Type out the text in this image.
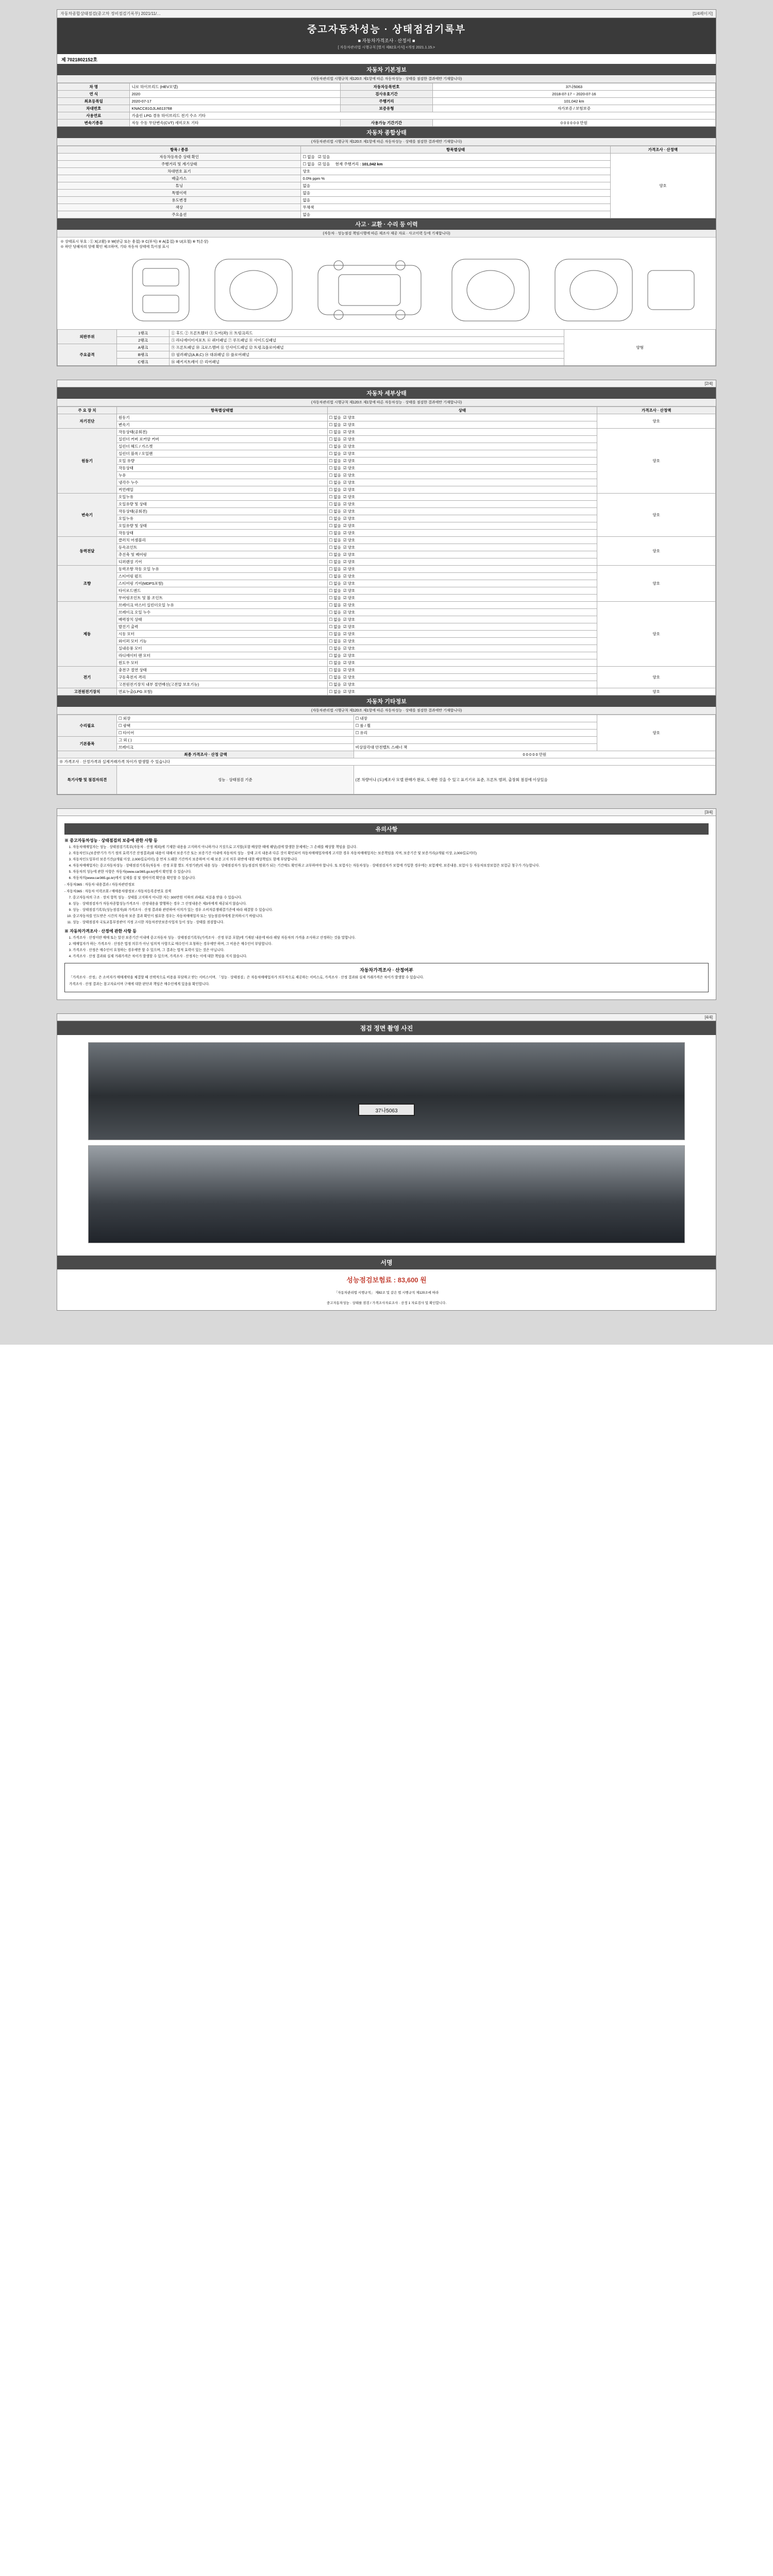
자동차종합상태점검(중고차 정비점검기록부) 2021/11/…	[1/4페이지]
중고자동차성능 · 상태점검기록부
■ 자동차가격조사 · 산정서 ■
[ 자동차관리법 시행규칙 [별지 제82호서식] <개정 2021.1.15.>
제 7021802152호
자동차 기본정보
(자동차관리법 시행규칙 제120조 제1항에 따른 자동차성능 · 상태를 점검한 결과에만 기재합니다)
차 명	니로 하이브리드 (HEV모델)	자동차등록번호	37나5063
연 식	2020	검사유효기간	2018-07-17 ~ 2020-07-16
최초등록일	2020-07-17	주행거리	101,042 km
차대번호	KNACC81GJLA613768	보증유형	자가보증 / 보험보증
사용연료	가솔린 LPG 경유 하이브리드 전기 수소 기타		
변속기종류	자동 수동 무단변속(CVT) 세미오토 기타	사용가능 기간기간	0 0 0 0 0 0 만원
자동차 종합상태
(자동차관리법 시행규칙 제120조 제1항에 따른 자동차성능 · 상태를 점검한 결과에만 기재합니다)
항목 / 종류	항목별상태	가격조사 · 산정액
자동차등록증 상태 확인	☐ 없음 ☑ 있음	양호
주행거리 및 계기상태	☐ 없음 ☑ 있음 현재 주행거리 : 101,042 km
차대번호 표기	양호	
배출가스	0.0% ppm %	
튜닝	없음	
특별이력	없음	
용도변경	없음	
색상	무채색	
주요옵션	없음	
사고 · 교환 · 수리 등 이력
(자동차 · 성능점검 책임시행에 따른 제조사 제공 자료 · 사고이력 등에 기재합니다)
※ 상태표시 부호 : ① X(교환) ② W(판금 또는 용접) ③ C(부식) ④ A(흠집) ⑤ U(요철) ⑥ T(손상)
※ 하단 당해차의 상태 확인 체크하며, 기타 자동차 상태에 특이점 표시
외판부위	1랭크	① 후드 ② 프론트휀더 ③ 도어(좌) ④ 트렁크리드	양형
	2랭크	⑤ 라디에이터서포트 ⑥ 쿼터패널 ⑦ 루프패널 ⑧ 사이드실패널	
주요골격	A랭크	⑨ 프론트패널 ⑩ 크로스멤버 ⑪ 인사이드패널 ⑫ 트렁크플로어패널	
	B랭크	⑬ 필러패널(A,B,C) ⑭ 대쉬패널 ⑮ 플로어패널	
	C랭크	⑯ 패키지트레이 ⑰ 리어패널	
[2/4]
자동차 세부상태
(자동차관리법 시행규칙 제120조 제1항에 따른 자동차성능 · 상태를 점검한 결과에만 기재합니다)
주 요 장 치	항목별상태별	상태	가격조사 · 산정액
자기진단	원동기	☐ 없음 ☑ 양호	양호
	변속기	☐ 없음 ☑ 양호
원동기	작동상태(공회전)	☐ 없음 ☑ 양호	양호
	실린더 커버 로커암 커버	☐ 없음 ☑ 양호
	실린더 헤드 / 가스켓	☐ 없음 ☑ 양호
	실린더 블록 / 오일팬	☐ 없음 ☑ 양호
	오일 유량	☐ 없음 ☑ 양호
	작동상태	☐ 없음 ☑ 양호
	누유	☐ 없음 ☑ 양호
	냉각수 누수	☐ 없음 ☑ 양호
	커먼레일	☐ 없음 ☑ 양호
변속기	오일누유	☐ 없음 ☑ 양호	양호
	오일유량 및 상태	☐ 없음 ☑ 양호
	작동상태(공회전)	☐ 없음 ☑ 양호
	오일누유	☐ 없음 ☑ 양호
	오일유량 및 상태	☐ 없음 ☑ 양호
	작동상태	☐ 없음 ☑ 양호
동력전달	클러치 어셈블리	☐ 없음 ☑ 양호	양호
	등속죠인트	☐ 없음 ☑ 양호
	추진축 및 베어링	☐ 없음 ☑ 양호
	디퍼렌셜 기어	☐ 없음 ☑ 양호
조향	동력조향 작동 오일 누유	☐ 없음 ☑ 양호	양호
	스티어링 펌프	☐ 없음 ☑ 양호
	스티어링 기어(MDPS포함)	☐ 없음 ☑ 양호
	타이로드엔드	☐ 없음 ☑ 양호
	무어링조인트 및 볼 조인트	☐ 없음 ☑ 양호
제동	브레이크 마스터 실린더오일 누유	☐ 없음 ☑ 양호	양호
	브레이크 오일 누수	☐ 없음 ☑ 양호
	배력장치 상태	☐ 없음 ☑ 양호
	발진기 출력	☐ 없음 ☑ 양호
	시동 모터	☐ 없음 ☑ 양호
	와이퍼 모터 기능	☐ 없음 ☑ 양호
	실내송풍 모터	☐ 없음 ☑ 양호
	라디에이터 팬 모터	☐ 없음 ☑ 양호
	윈도우 모터	☐ 없음 ☑ 양호
전기	충전구 절연 상태	☐ 없음 ☑ 양호	양호
	구동축전지 격리	☐ 없음 ☑ 양호
	고전원전기장치 내부 절연배선(고전압 보호기능)	☐ 없음 ☑ 양호
고전원전기장치	연료누출(LPG 포함)	☐ 없음 ☑ 양호	양호
자동차 기타정보
(자동차관리법 시행규칙 제120조 제1항에 따른 자동차성능 · 상태를 점검한 결과에만 기재합니다)
수리필요	☐ 외장	☐ 내장	양호
	☐ 광택	☐ 룸 / 휠
	☐ 타이어	☐ 유리
기본품목	그 외 ( )		
	브레이크	비상삼각대 안전벨트 스패너 잭	
최종 가격조사 · 산정 금액		0 0 0 0 0 만원	
※ 가격조사 · 산정가격과 실제거래가격 차이가 발생할 수 있습니다			
특기사항 및 점검자의견	성능 · 상태점검 기준	(본 차량이나 (도)제조사 모델 판매가 완료, 도색한 것을 수 있고 표기기로 표준, 프론트 범퍼, 출장회 점검에 이상있음	
[3/4]
유의사항
※ 중고자동차성능 · 상태점검의 보증에 관한 사항 등
1. 자동차매매업자는 성능 · 상태점검기록부(자동차 · 산정 제외)에 기재한 내용을 고지하지 아니하거나 거짓으로 고지할(포함 배상한 때에 해당)검에 발생한 문제에는 그 손해를 배상할 책임을 집니다.
2. 자동차인도(보증받기가 가기 정의 효력기간 산정결과)와 내용이 대해서 보증기간 또는 보증기간 이내에 자동차의 성능 · 상태 고지 내용과 다른 것이 확인되어 자동차매매업자에게 고지한 경우 자동차매매업자는 보증책임을 지며, 보증기간 및 보증거리(2개월 이상, 2,000킬로미터)
3. 자동차인도일부터 보증기간(2개월 이상, 2,000킬로미터) 중 먼저 도래한 기간까지 보증하며 이 때 보증 고지 의무 위반에 대한 배상책임도 함께 부담합니다.
4. 자동차매매업자는 중고자동차성능 · 상태점검기록부(자동차 · 산정 포함 별도 지정기관)의 내용 성능 · 상태점검자가 성능점검의 범위가 되는 기간에도 확인하고 교부하여야 합니다. 또 보험사는 자동차성능 · 상태점검자가 보험에 가입한 경우에는 보험계약, 보증내용, 보험사 등 자동차보장보험은 보험금 청구가 가능합니다.
5. 자동차의 성능에 관한 사항은 자동차(www.car365.go.kr)에서 확인할 수 있습니다.
6. 자동차의(www.car365.go.kr)에서 실제를 검 및 정비이력 확인을 확인할 수 있습니다.

- 자동차365 : 자동차 내용결과 / 자동차관련정보

- 자동차365 : 자동차 이력조회 / 매매용차량정보 / 자동차등록증번호 검색

7. 중고자동차의 구조 · 장치 항목 성능 · 상태를 고지하지 아니한 자는 300만원 이하의 과태료 처분을 받을 수 있습니다.
8. 성능 · 상태점검자가 자동차종합성능가격조사 · 산정내용을 발행하는 경우 그 산정내용은 제3자에게 제공되지 않습니다.
9. 성능 · 상태점검기록부(성능점검자)와 가격조사 · 산정 결과와 관련하여 이의가 있는 경우 소비자분쟁해결기준에 따라 해결할 수 있습니다.
10. 중고자동차를 인도받은 시간의 자동차 보증 결과 확인이 필요한 경우는 자동차매매업자 또는 성능점검자에게 문의하시기 바랍니다.
11. 성능 · 상태점검자 국토교통부장관이 지정 고시한 자동차진단보증사업자 등이 성능 · 상태를 점검합니다.
※ 자동차가격조사 · 산정에 관한 사항 등
1. 가격조사 · 산정이란 매매 또는 알선 보증기간 이내에 중고자동차 성능 · 상태점검기록부(가격조사 · 산정 부분 포함)에 기재된 내용에 따라 해당 자동차의 가격을 조사하고 산정하는 것을 말합니다.
2. 매매업자가 하는 가격조사 · 산정은 법정 의무가 아닌 임의적 사항으로 매수인이 요청하는 경우에만 하며, 그 비용은 매수인이 부담합니다.
3. 가격조사 · 산정은 매수인이 요청하는 경우에만 할 수 있으며, 그 결과는 법적 효력이 있는 것은 아닙니다.
4. 가격조사 · 산정 결과와 실제 거래가격은 차이가 발생할 수 있으며, 가격조사 · 산정자는 이에 대한 책임을 지지 않습니다.
자동차가격조사 · 산정여부

「가격조사 · 산정」은 소비자가 매매계약을 체결할 때 선택적으로 비용을 부담하고 받는 서비스이며, 「성능 · 상태점검」은 자동차매매업자가 의무적으로 제공하는 서비스로, 가격조사 · 산정 결과와 실제 거래가격은 차이가 발생할 수 있습니다.

가격조사 · 산정 결과는 참고자료이며 구매에 대한 판단과 책임은 매수인에게 있음을 확인합니다.

[4/4]
점검 정면 촬영 사진
37나5063
서명
성능점검보험료 : 83,600 원
「자동차관리법 시행규칙」 제82조 및 같은 법 시행규칙 제120조에 따라
중고자동차성능 · 상태를 점검 / 가격조사자료조사 · 산정 1 자료검사 및 확인합니다.
